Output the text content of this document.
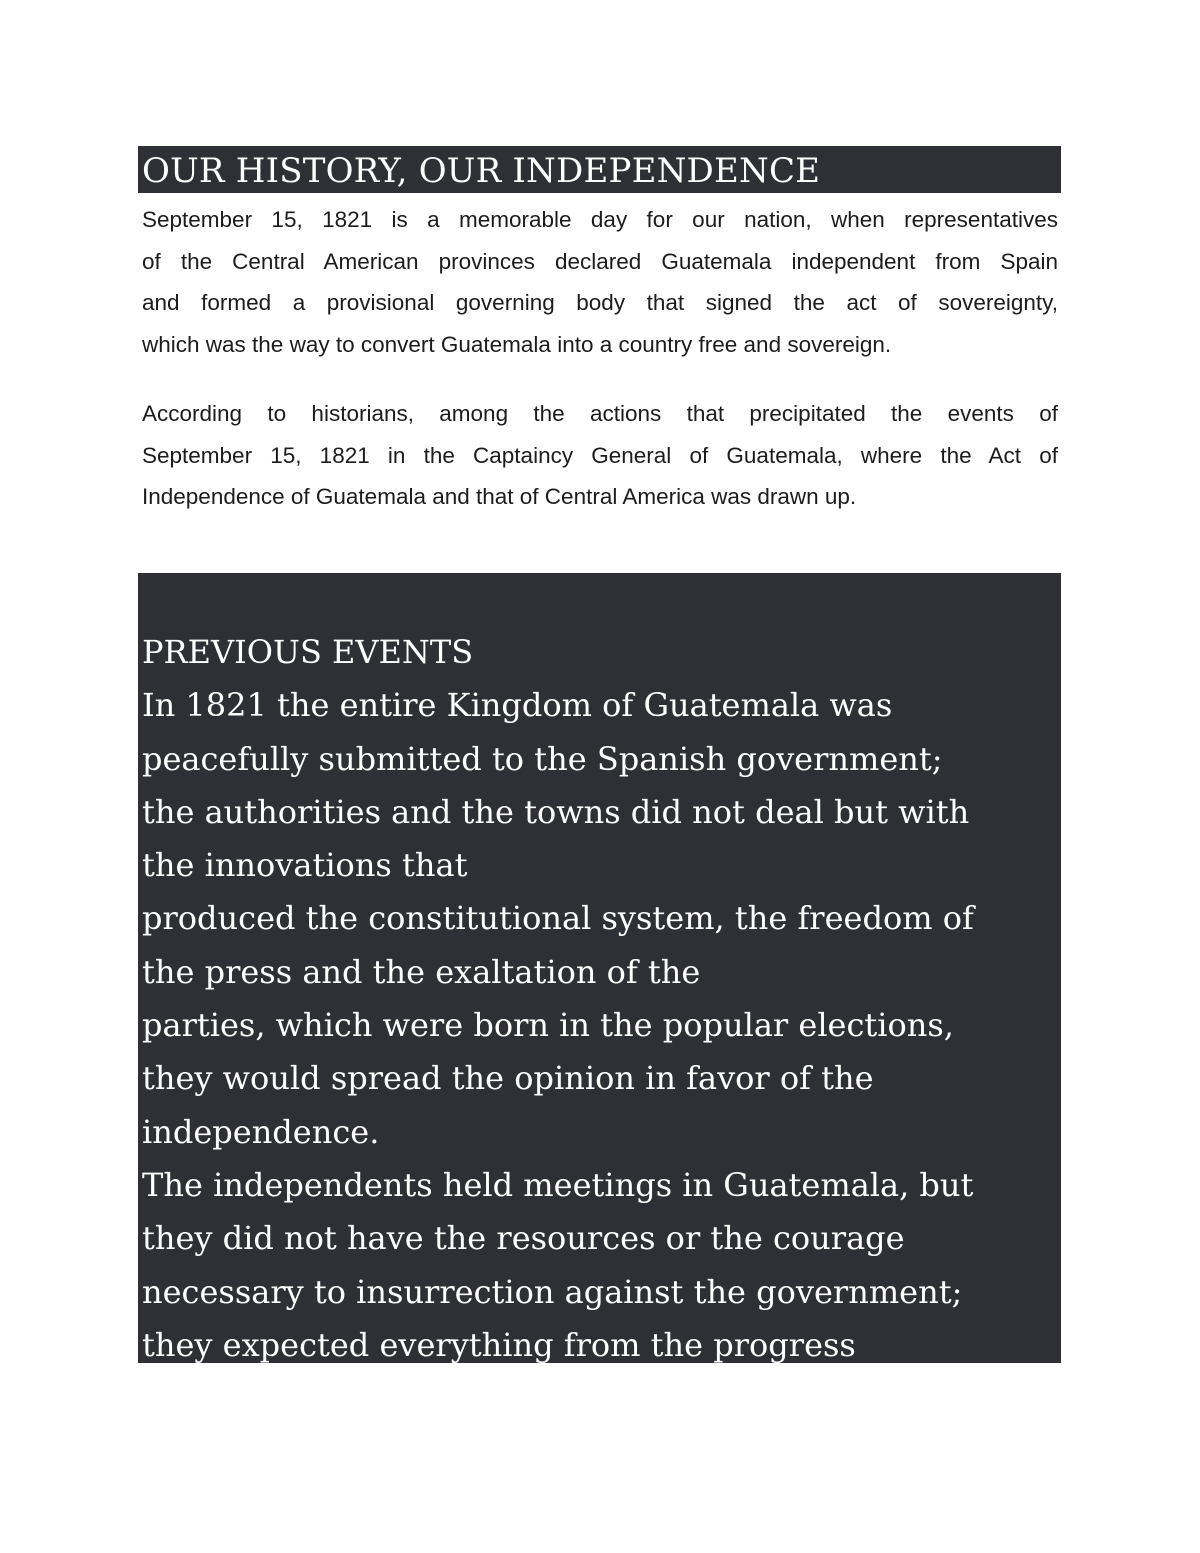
OUR HISTORY, OUR INDEPENDENCE
September 15, 1821 is a memorable day for our nation, when representatives
of the Central American provinces declared Guatemala independent from Spain
and formed a provisional governing body that signed the act of sovereignty,
which was the way to convert Guatemala into a country free and sovereign.
According to historians, among the actions that precipitated the events of
September 15, 1821 in the Captaincy General of Guatemala, where the Act of
Independence of Guatemala and that of Central America was drawn up.
PREVIOUS EVENTS
In 1821 the entire Kingdom of Guatemala was
peacefully submitted to the Spanish government;
the authorities and the towns did not deal but with
the innovations that
produced the constitutional system, the freedom of
the press and the exaltation of the
parties, which were born in the popular elections,
they would spread the opinion in favor of the
independence.
The independents held meetings in Guatemala, but
they did not have the resources or the courage
necessary to insurrection against the government;
they expected everything from the progress
